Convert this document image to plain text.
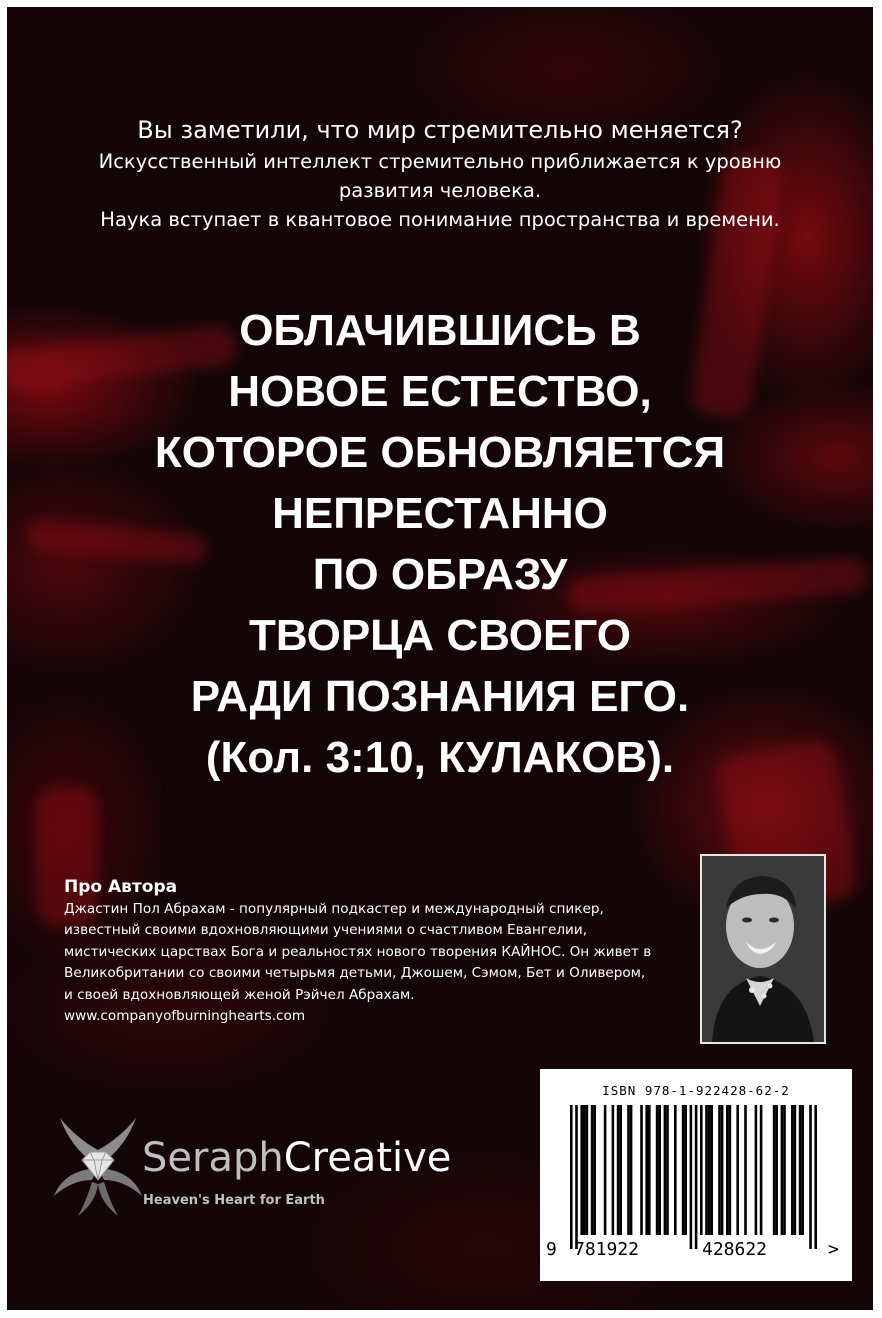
Вы заметили, что мир стремительно меняется?
Искусственный интеллект стремительно приближается к уровню
развития человека.
Наука вступает в квантовое понимание пространства и времени.
ОБЛАЧИВШИСЬ В
НОВОЕ ЕСТЕСТВО,
КОТОРОЕ ОБНОВЛЯЕТСЯ
НЕПРЕСТАННО
ПО ОБРАЗУ
ТВОРЦА СВОЕГО
РАДИ ПОЗНАНИЯ ЕГО.
(Кол. 3:10, КУЛАКОВ).
Про Автора
Джастин Пол Абрахам - популярный подкастер и международный спикер,
известный своими вдохновляющими учениями о счастливом Евангелии,
мистических царствах Бога и реальностях нового творения КАЙНОС. Он живет в
Великобритании со своими четырьмя детьми, Джошем, Сэмом, Бет и Оливером,
и своей вдохновляющей женой Рэйчел Абрахам.
www.companyofburninghearts.com
SeraphCreative
Heaven's Heart for Earth
ISBN 978-1-922428-62-2
9 781922	428622	>
